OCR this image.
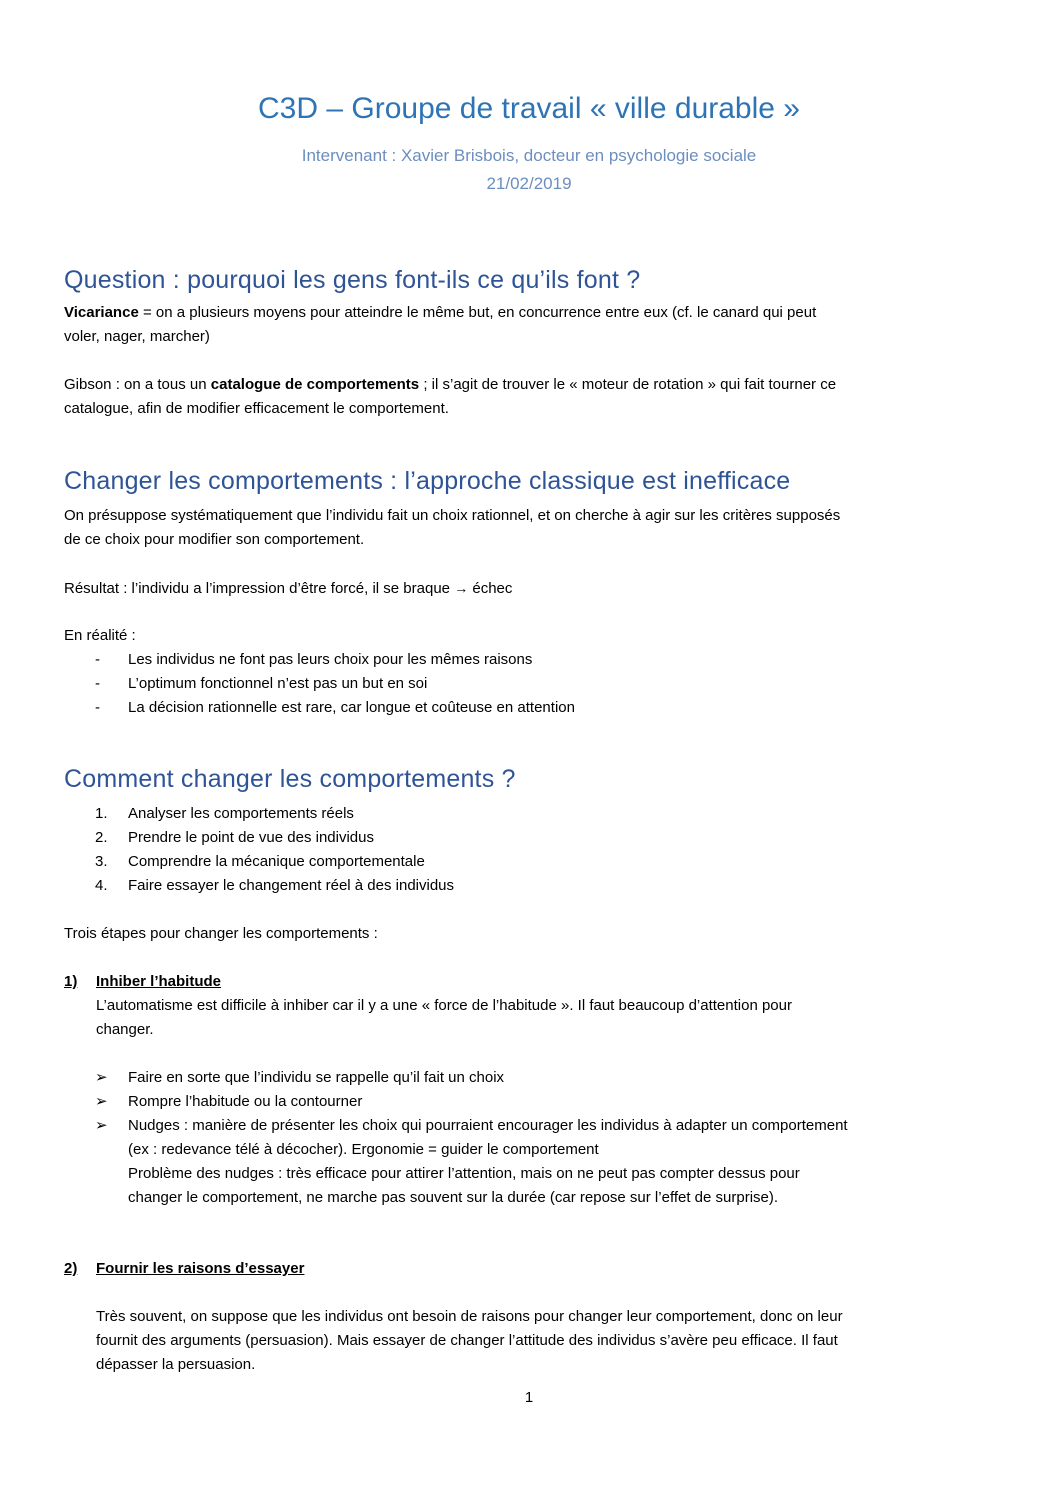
C3D – Groupe de travail « ville durable »
Intervenant : Xavier Brisbois, docteur en psychologie sociale
21/02/2019
Question : pourquoi les gens font-ils ce qu’ils font ?

Vicariance = on a plusieurs moyens pour atteindre le même but, en concurrence entre eux (cf. le canard qui peut

voler, nager, marcher)

Gibson : on a tous un catalogue de comportements ; il s’agit de trouver le « moteur de rotation » qui fait tourner ce

catalogue, afin de modifier efficacement le comportement.

Changer les comportements : l’approche classique est inefficace

On présuppose systématiquement que l’individu fait un choix rationnel, et on cherche à agir sur les critères supposés

de ce choix pour modifier son comportement.

Résultat : l’individu a l’impression d’être forcé, il se braque → échec

En réalité :

- Les individus ne font pas leurs choix pour les mêmes raisons
- L’optimum fonctionnel n’est pas un but en soi
- La décision rationnelle est rare, car longue et coûteuse en attention
Comment changer les comportements ?
1. Analyser les comportements réels
2. Prendre le point de vue des individus
3. Comprendre la mécanique comportementale
4. Faire essayer le changement réel à des individus

Trois étapes pour changer les comportements :

1) Inhiber l’habitude

L’automatisme est difficile à inhiber car il y a une « force de l’habitude ». Il faut beaucoup d’attention pour

changer.

➢ Faire en sorte que l’individu se rappelle qu’il fait un choix
➢ Rompre l’habitude ou la contourner
➢ Nudges : manière de présenter les choix qui pourraient encourager les individus à adapter un comportement
(ex : redevance télé à décocher). Ergonomie = guider le comportement
Problème des nudges : très efficace pour attirer l’attention, mais on ne peut pas compter dessus pour
changer le comportement, ne marche pas souvent sur la durée (car repose sur l’effet de surprise).
2) Fournir les raisons d’essayer

Très souvent, on suppose que les individus ont besoin de raisons pour changer leur comportement, donc on leur

fournit des arguments (persuasion). Mais essayer de changer l’attitude des individus s’avère peu efficace. Il faut

dépasser la persuasion.

1
